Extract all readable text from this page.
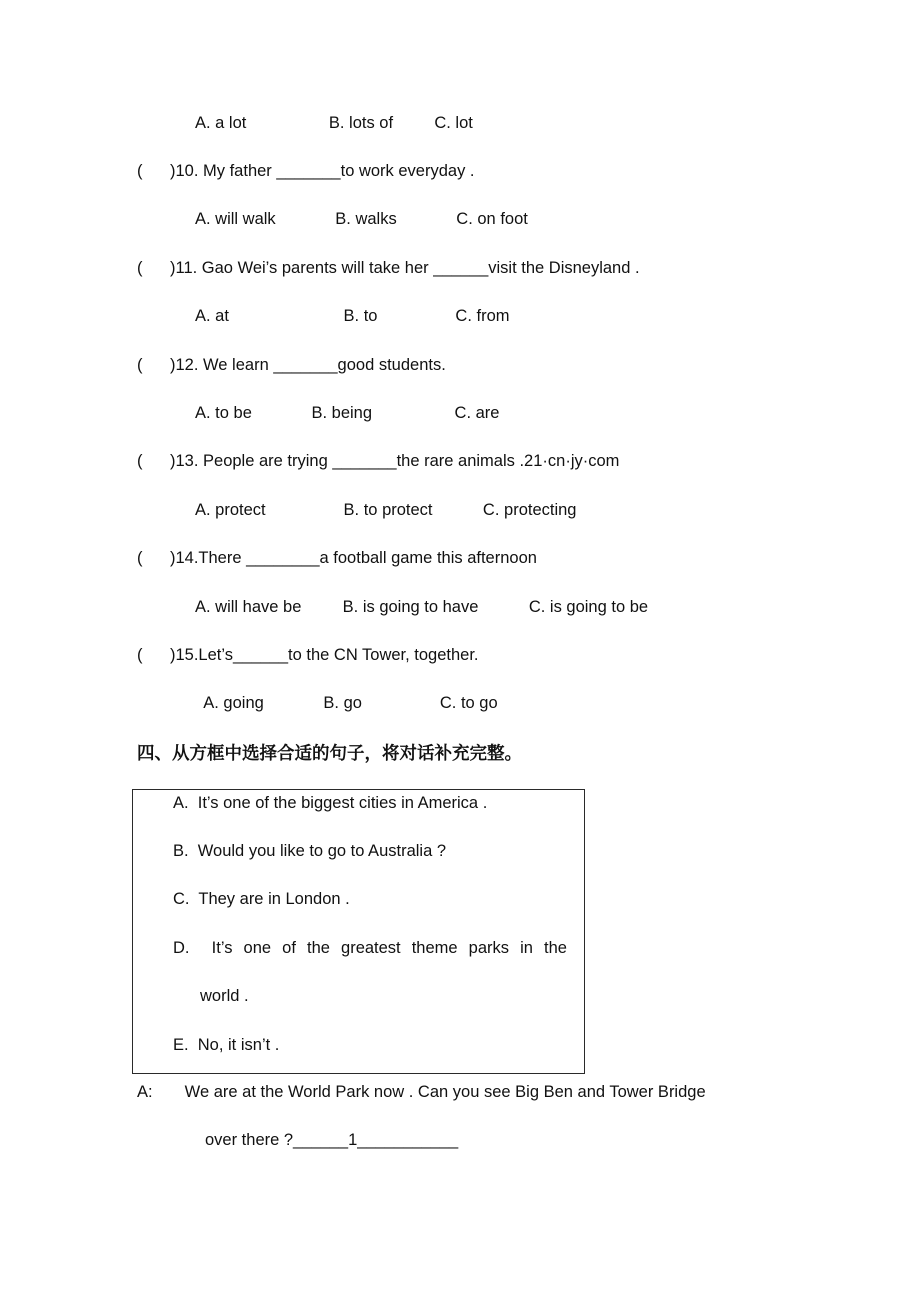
A. a lot                  B. lots of         C. lot
(      )10. My father _______to work everyday .
A. will walk             B. walks             C. on foot
(      )11. Gao Wei’s parents will take her ______visit the Disneyland .
A. at                         B. to                 C. from
(      )12. We learn _______good students.
A. to be             B. being                  C. are
(      )13. People are trying _______the rare animals .21·cn·jy·com
A. protect                 B. to protect           C. protecting
(      )14.There ________a football game this afternoon
A. will have be         B. is going to have           C. is going to be
(      )15.Let’s______to the CN Tower, together.
A. going             B. go                 C. to go
四、从方框中选择合适的句子，将对话补充完整。
A.  It’s one of the biggest cities in America .
B.  Would you like to go to Australia ?
C.  They are in London .
D.  It’s one of the greatest theme parks in the
world .
E.  No, it isn’t .
A:       We are at the World Park now . Can you see Big Ben and Tower Bridge
over there ?______1___________
